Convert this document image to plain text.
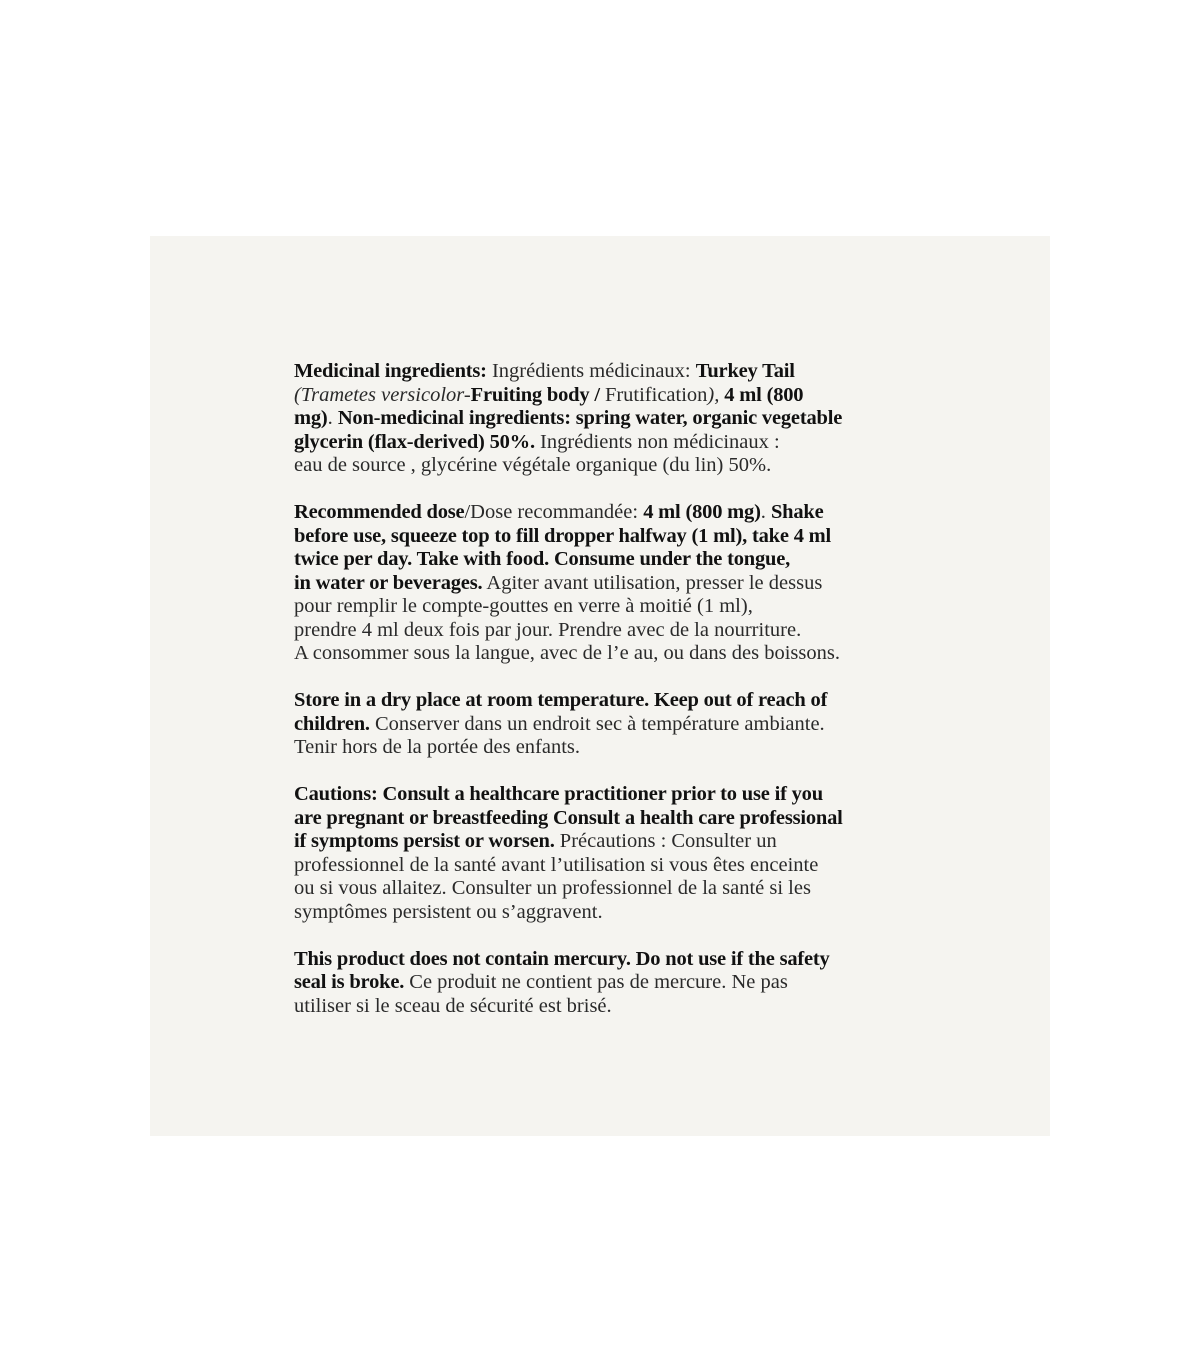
Medicinal ingredients: Ingrédients médicinaux: Turkey Tail
(Trametes versicolor-Fruiting body / Frutification), 4 ml (800
mg). Non-medicinal ingredients: spring water, organic vegetable
glycerin (flax-derived) 50%. Ingrédients non médicinaux :
eau de source , glycérine végétale organique (du lin) 50%.

Recommended dose/Dose recommandée: 4 ml (800 mg). Shake
before use, squeeze top to fill dropper halfway (1 ml), take 4 ml
twice per day. Take with food. Consume under the tongue,
in water or beverages. Agiter avant utilisation, presser le dessus
pour remplir le compte-gouttes en verre à moitié (1 ml),
prendre 4 ml deux fois par jour. Prendre avec de la nourriture.
A consommer sous la langue, avec de l’e au, ou dans des boissons.

Store in a dry place at room temperature. Keep out of reach of
children. Conserver dans un endroit sec à température ambiante.
Tenir hors de la portée des enfants.

Cautions: Consult a healthcare practitioner prior to use if you
are pregnant or breastfeeding Consult a health care professional
if symptoms persist or worsen. Précautions : Consulter un
professionnel de la santé avant l’utilisation si vous êtes enceinte
ou si vous allaitez. Consulter un professionnel de la santé si les
symptômes persistent ou s’aggravent.

This product does not contain mercury. Do not use if the safety
seal is broke. Ce produit ne contient pas de mercure. Ne pas
utiliser si le sceau de sécurité est brisé.
